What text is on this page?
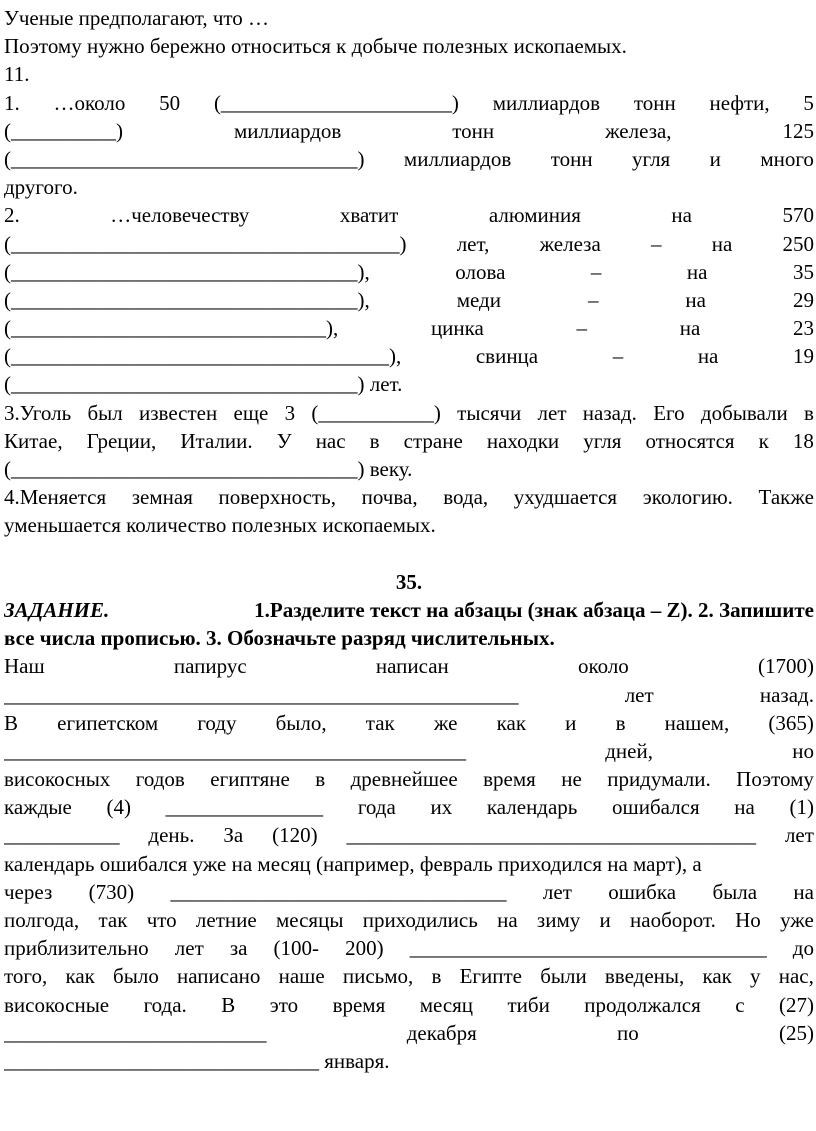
Ученые предполагают, что …
Поэтому нужно бережно относиться к добыче полезных ископаемых.
11.
1. …около 50 (______________________) миллиардов тонн нефти, 5
(__________)	миллиардов	тонн	железа,	125
(_________________________________) миллиардов тонн угля и много
другого.
2.	…человечеству	хватит	алюминия	на	570
(_____________________________________) лет, железа – на 250
(_________________________________),	олова	–	на	35
(_________________________________),	меди	–	на	29
(______________________________),	цинка	–	на	23
(____________________________________),	свинца	–	на	19
(_________________________________) лет.
3.Уголь был известен еще 3 (___________) тысячи лет назад. Его добывали в
Китае, Греции, Италии. У нас в стране находки угля относятся к 18
(_________________________________) веку.
4.Меняется земная поверхность, почва, вода, ухудшается экологию. Также
уменьшается количество полезных ископаемых.
35.
ЗАДАНИЕ.	1.Разделите текст на абзацы (знак абзаца – Z). 2. Запишите
все числа прописью. 3. Обозначьте разряд числительных.
Наш	папирус	написан	около	(1700)
_________________________________________________	лет	назад.
В египетском году было, так же как и в нашем, (365)
____________________________________________	дней,	но
високосных годов египтяне в древнейшее время не придумали. Поэтому
каждые (4) _______________ года их календарь ошибался на (1)
___________ день. За (120) _______________________________________ лет
календарь ошибался уже на месяц (например, февраль приходился на март), а
через (730) ________________________________ лет ошибка была на
полгода, так что летние месяцы приходились на зиму и наоборот. Но уже
приблизительно лет за (100- 200) __________________________________ до
того, как было написано наше письмо, в Египте были введены, как у нас,
високосные года. В это время месяц тиби продолжался с (27)
_________________________	декабря	по	(25)
______________________________ января.
